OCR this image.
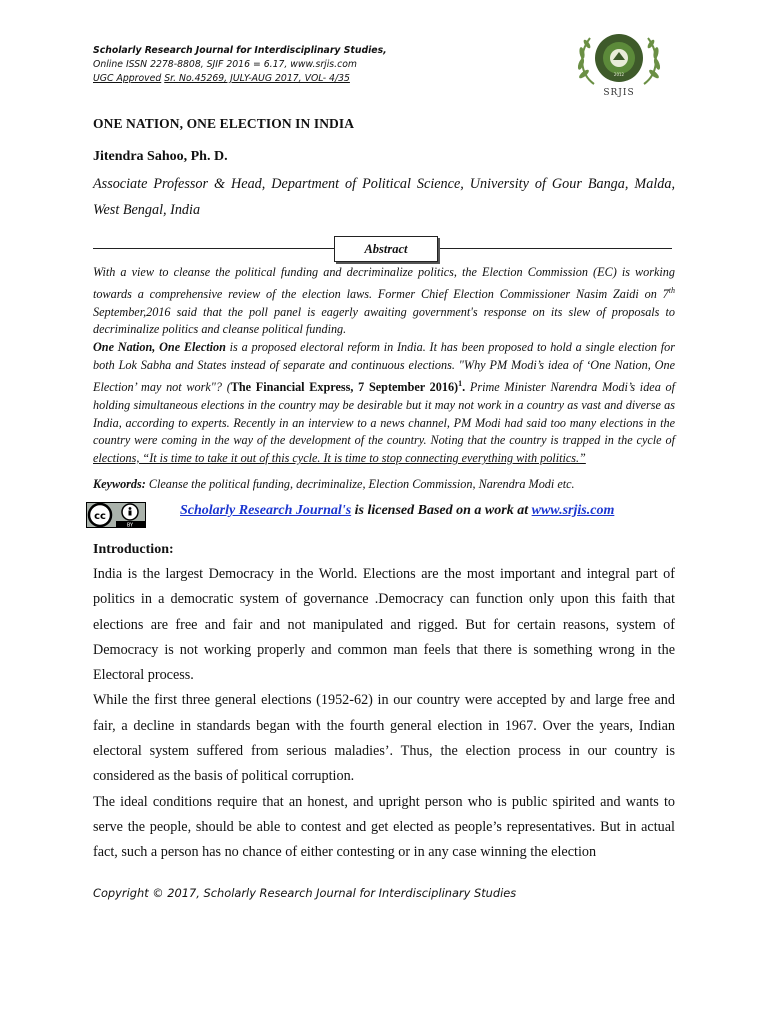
Scholarly Research Journal for Interdisciplinary Studies,
Online ISSN 2278-8808, SJIF 2016 = 6.17, www.srjis.com
UGC Approved Sr. No.45269, JULY-AUG 2017, VOL- 4/35	2012
SRJIS
ONE NATION, ONE ELECTION IN INDIA
Jitendra Sahoo, Ph. D.
Associate Professor & Head, Department of Political Science, University of Gour Banga, Malda, West Bengal, India
Abstract

With a view to cleanse the political funding and decriminalize politics, the Election Commission (EC) is working towards a comprehensive review of the election laws. Former Chief Election Commissioner Nasim Zaidi on 7th September,2016 said that the poll panel is eagerly awaiting government's response on its slew of proposals to decriminalize politics and cleanse political funding.

One Nation, One Election is a proposed electoral reform in India. It has been proposed to hold a single election for both Lok Sabha and States instead of separate and continuous elections. "Why PM Modi’s idea of ‘One Nation, One Election’ may not work"? (The Financial Express, 7 September 2016)$^1$. Prime Minister Narendra Modi’s idea of holding simultaneous elections in the country may be desirable but it may not work in a country as vast and diverse as India, according to experts. Recently in an interview to a news channel, PM Modi had said too many elections in the country were coming in the way of the development of the country. Noting that the country is trapped in the cycle of elections, “It is time to take it out of this cycle. It is time to stop connecting everything with politics.”

Keywords: Cleanse the political funding, decriminalize, Election Commission, Narendra Modi etc.
cc
BY
Scholarly Research Journal's is licensed Based on a work at www.srjis.com
Introduction:

India is the largest Democracy in the World. Elections are the most important and integral part of politics in a democratic system of governance .Democracy can function only upon this faith that elections are free and fair and not manipulated and rigged. But for certain reasons, system of Democracy is not working properly and common man feels that there is something wrong in the Electoral process.

While the first three general elections (1952-62) in our country were accepted by and large free and fair, a decline in standards began with the fourth general election in 1967. Over the years, Indian electoral system suffered from serious maladies’. Thus, the election process in our country is considered as the basis of political corruption.

The ideal conditions require that an honest, and upright person who is public spirited and wants to serve the people, should be able to contest and get elected as people’s representatives. But in actual fact, such a person has no chance of either contesting or in any case winning the election

Copyright © 2017, Scholarly Research Journal for Interdisciplinary Studies
